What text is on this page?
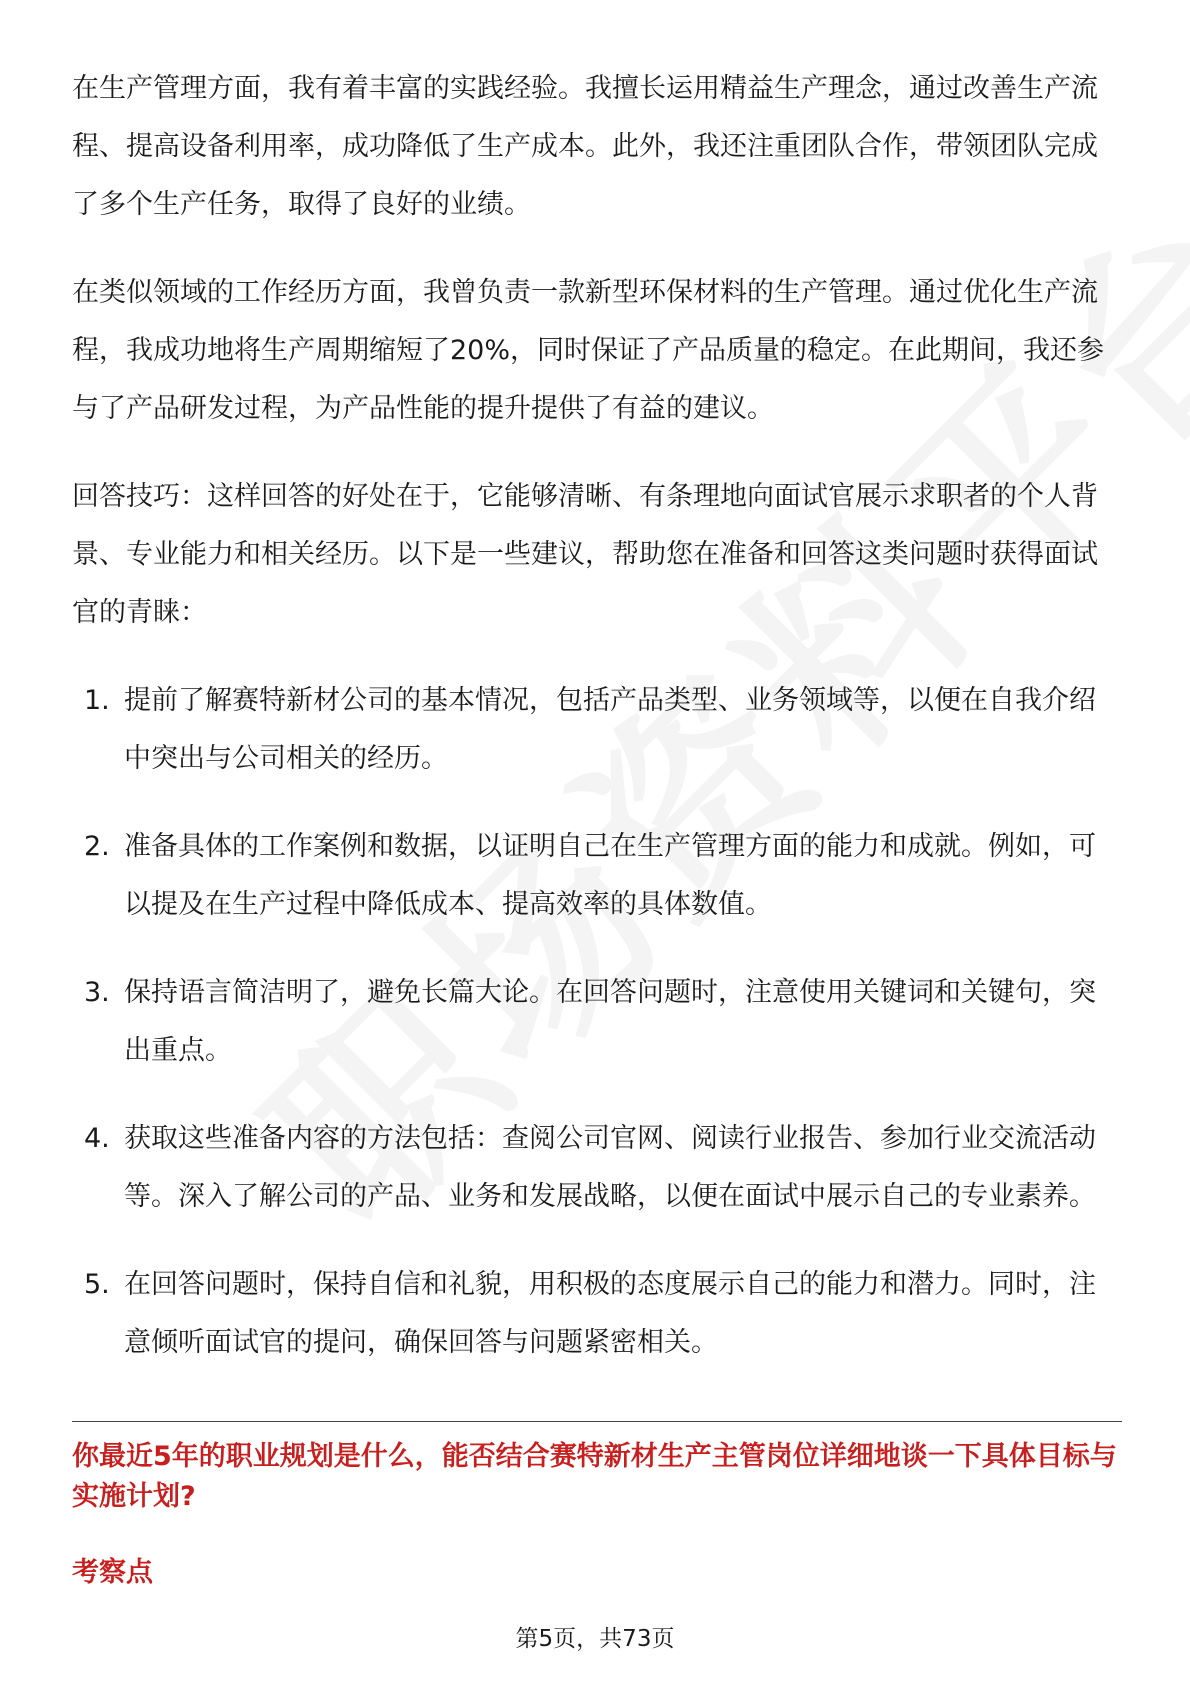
在生产管理方面，我有着丰富的实践经验。我擅长运用精益生产理念，通过改善生产流程、提高设备利用率，成功降低了生产成本。此外，我还注重团队合作，带领团队完成了多个生产任务，取得了良好的业绩。

在类似领域的工作经历方面，我曾负责一款新型环保材料的生产管理。通过优化生产流程，我成功地将生产周期缩短了20%，同时保证了产品质量的稳定。在此期间，我还参与了产品研发过程，为产品性能的提升提供了有益的建议。

回答技巧：这样回答的好处在于，它能够清晰、有条理地向面试官展示求职者的个人背景、专业能力和相关经历。以下是一些建议，帮助您在准备和回答这类问题时获得面试官的青睐：

1. 提前了解赛特新材公司的基本情况，包括产品类型、业务领域等，以便在自我介绍中突出与公司相关的经历。
2. 准备具体的工作案例和数据，以证明自己在生产管理方面的能力和成就。例如，可以提及在生产过程中降低成本、提高效率的具体数值。
3. 保持语言简洁明了，避免长篇大论。在回答问题时，注意使用关键词和关键句，突出重点。
4. 获取这些准备内容的方法包括：查阅公司官网、阅读行业报告、参加行业交流活动等。深入了解公司的产品、业务和发展战略，以便在面试中展示自己的专业素养。
5. 在回答问题时，保持自信和礼貌，用积极的态度展示自己的能力和潜力。同时，注意倾听面试官的提问，确保回答与问题紧密相关。
你最近5年的职业规划是什么，能否结合赛特新材生产主管岗位详细地谈一下具体目标与实施计划?
考察点
第5页，共73页
